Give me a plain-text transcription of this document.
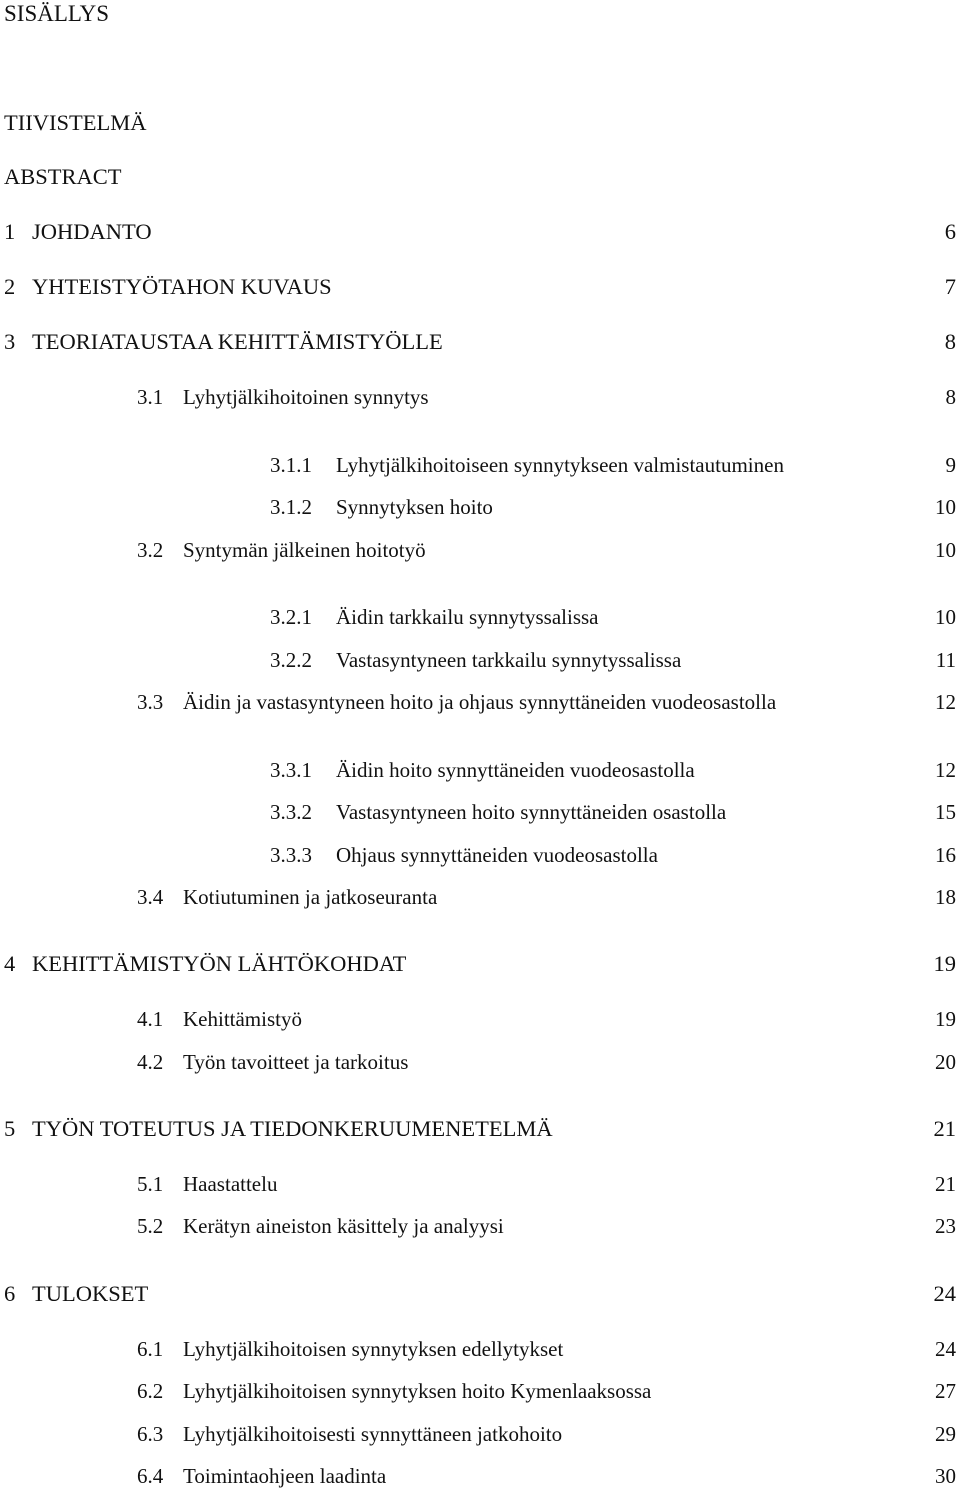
SISÄLLYS
TIIVISTELMÄ
ABSTRACT
1 JOHDANTO	6
2 YHTEISTYÖTAHON KUVAUS	7
3 TEORIATAUSTAA KEHITTÄMISTYÖLLE	8
3.1 Lyhytjälkihoitoinen synnytys	8
3.1.1 Lyhytjälkihoitoiseen synnytykseen valmistautuminen	9
3.1.2 Synnytyksen hoito	10
3.2 Syntymän jälkeinen hoitotyö	10
3.2.1 Äidin tarkkailu synnytyssalissa	10
3.2.2 Vastasyntyneen tarkkailu synnytyssalissa	11
3.3 Äidin ja vastasyntyneen hoito ja ohjaus synnyttäneiden vuodeosastolla	12
3.3.1 Äidin hoito synnyttäneiden vuodeosastolla	12
3.3.2 Vastasyntyneen hoito synnyttäneiden osastolla	15
3.3.3 Ohjaus synnyttäneiden vuodeosastolla	16
3.4 Kotiutuminen ja jatkoseuranta	18
4 KEHITTÄMISTYÖN LÄHTÖKOHDAT	19
4.1 Kehittämistyö	19
4.2 Työn tavoitteet ja tarkoitus	20
5 TYÖN TOTEUTUS JA TIEDONKERUUMENETELMÄ	21
5.1 Haastattelu	21
5.2 Kerätyn aineiston käsittely ja analyysi	23
6 TULOKSET	24
6.1 Lyhytjälkihoitoisen synnytyksen edellytykset	24
6.2 Lyhytjälkihoitoisen synnytyksen hoito Kymenlaaksossa	27
6.3 Lyhytjälkihoitoisesti synnyttäneen jatkohoito	29
6.4 Toimintaohjeen laadinta	30
